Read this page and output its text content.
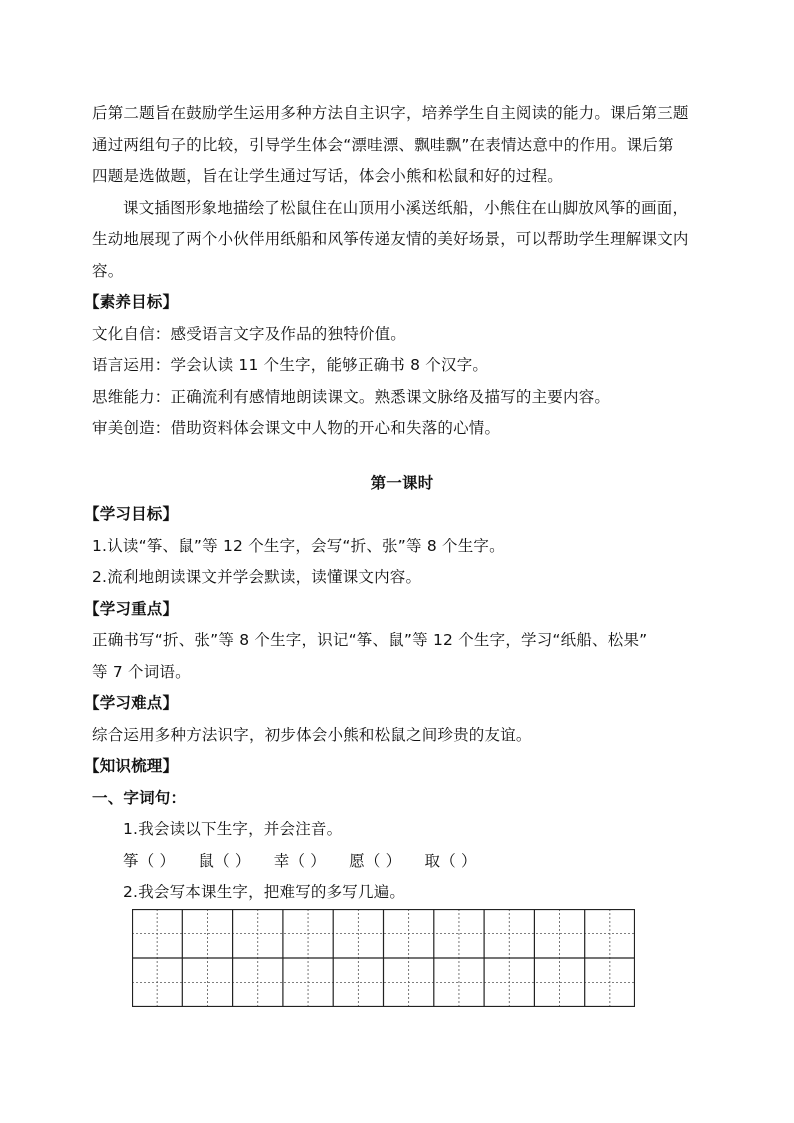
后第二题旨在鼓励学生运用多种方法自主识字，培养学生自主阅读的能力。课后第三题
通过两组句子的比较，引导学生体会“漂哇漂、飘哇飘”在表情达意中的作用。课后第
四题是选做题，旨在让学生通过写话，体会小熊和松鼠和好的过程。
课文插图形象地描绘了松鼠住在山顶用小溪送纸船，小熊住在山脚放风筝的画面，
生动地展现了两个小伙伴用纸船和风筝传递友情的美好场景，可以帮助学生理解课文内
容。
【素养目标】
文化自信：感受语言文字及作品的独特价值。
语言运用：学会认读 11 个生字，能够正确书 8 个汉字。
思维能力：正确流利有感情地朗读课文。熟悉课文脉络及描写的主要内容。
审美创造：借助资料体会课文中人物的开心和失落的心情。
第一课时
【学习目标】
1.认读“筝、鼠”等 12 个生字，会写“折、张”等 8 个生字。
2.流利地朗读课文并学会默读，读懂课文内容。
【学习重点】
正确书写“折、张”等 8 个生字，识记“筝、鼠”等 12 个生字，学习“纸船、松果”
等 7 个词语。
【学习难点】
综合运用多种方法识字，初步体会小熊和松鼠之间珍贵的友谊。
【知识梳理】
一、字词句：
1.我会读以下生字，并会注音。
筝（ ） 鼠（ ） 幸（ ） 愿（ ） 取（ ）
2.我会写本课生字，把难写的多写几遍。
